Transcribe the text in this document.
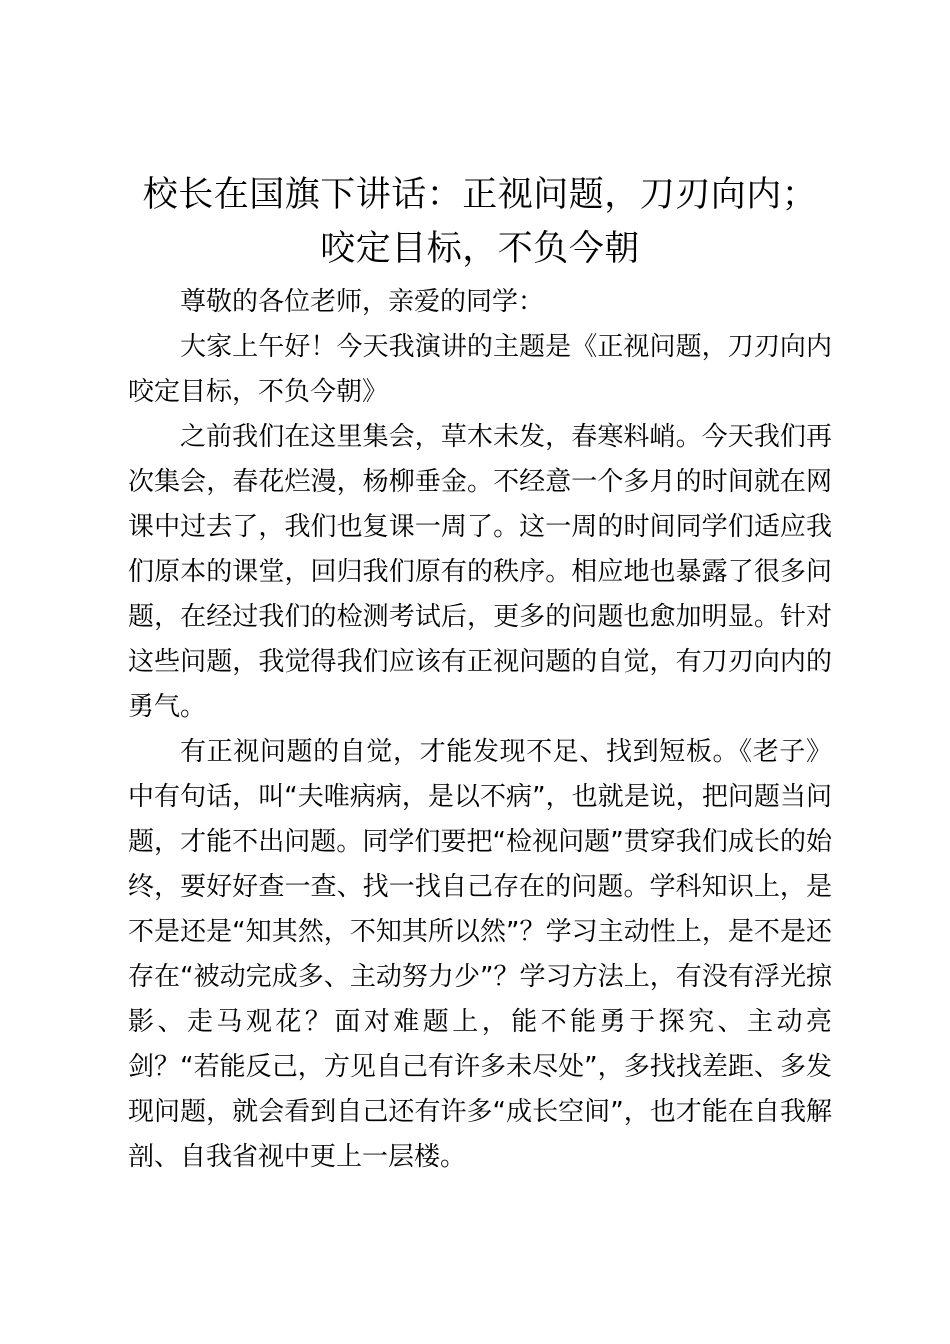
校长在国旗下讲话：正视问题，刀刃向内；咬定目标，不负今朝

尊敬的各位老师，亲爱的同学：

大家上午好！今天我演讲的主题是《正视问题，刀刃向内咬定目标，不负今朝》

之前我们在这里集会，草木未发，春寒料峭。今天我们再次集会，春花烂漫，杨柳垂金。不经意一个多月的时间就在网课中过去了，我们也复课一周了。这一周的时间同学们适应我们原本的课堂，回归我们原有的秩序。相应地也暴露了很多问题，在经过我们的检测考试后，更多的问题也愈加明显。针对这些问题，我觉得我们应该有正视问题的自觉，有刀刃向内的勇气。

有正视问题的自觉，才能发现不足、找到短板。《老子》中有句话，叫“夫唯病病，是以不病”，也就是说，把问题当问题，才能不出问题。同学们要把“检视问题”贯穿我们成长的始终，要好好查一查、找一找自己存在的问题。学科知识上，是不是还是“知其然，不知其所以然”？学习主动性上，是不是还存在“被动完成多、主动努力少”？学习方法上，有没有浮光掠影、走马观花？面对难题上，能不能勇于探究、主动亮剑？“若能反己，方见自己有许多未尽处”，多找找差距、多发现问题，就会看到自己还有许多“成长空间”，也才能在自我解剖、自我省视中更上一层楼。
